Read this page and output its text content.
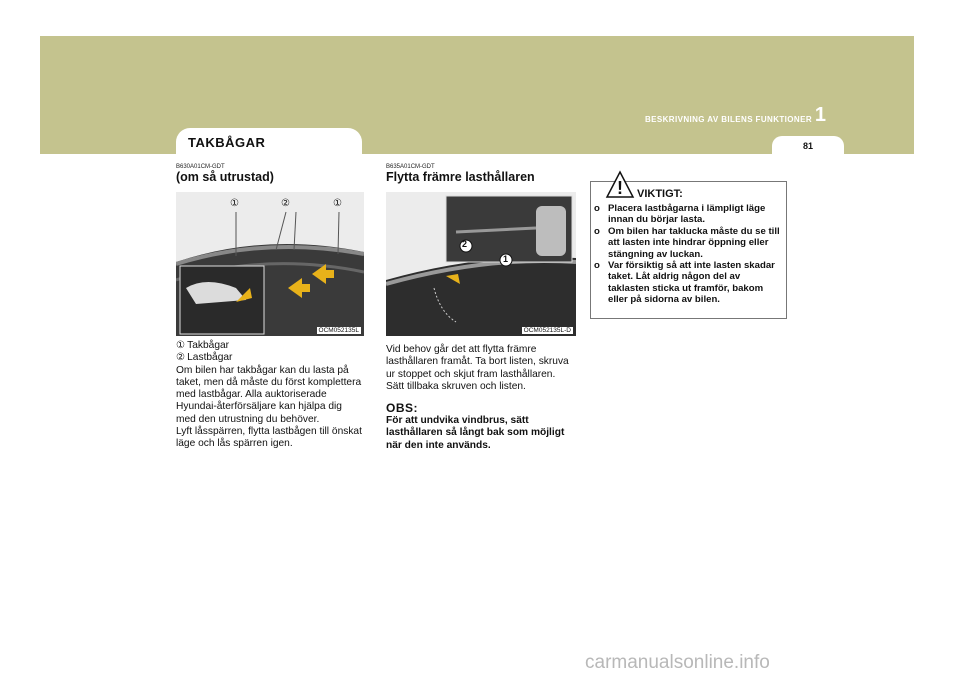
1
BESKRIVNING AV BILENS FUNKTIONER
81
TAKBÅGAR
B630A01CM-GDT
(om så utrustad)
①	②	①
OCM052135L
① Takbågar
② Lastbågar
Om bilen har takbågar kan du lasta på taket, men då måste du först komplettera med lastbågar. Alla auktoriserade Hyundai-återförsäljare kan hjälpa dig med den utrustning du behöver.
Lyft låsspärren, flytta lastbågen till önskat läge och lås spärren igen.
B635A01CM-GDT
Flytta främre lasthållaren
2
1
OCM052135L-D
Vid behov går det att flytta främre lasthållaren framåt. Ta bort listen, skruva ur stoppet och skjut fram lasthållaren. Sätt tillbaka skruven och listen.
OBS:
För att undvika vindbrus, sätt lasthållaren så långt bak som möjligt när den inte används.
! VIKTIGT:
o Placera lastbågarna i lämpligt läge innan du börjar lasta.
o Om bilen har taklucka måste du se till att lasten inte hindrar öppning eller stängning av luckan.
o Var försiktig så att inte lasten skadar taket. Låt aldrig någon del av taklasten sticka ut framför, bakom eller på sidorna av bilen.
carmanualsonline.info
